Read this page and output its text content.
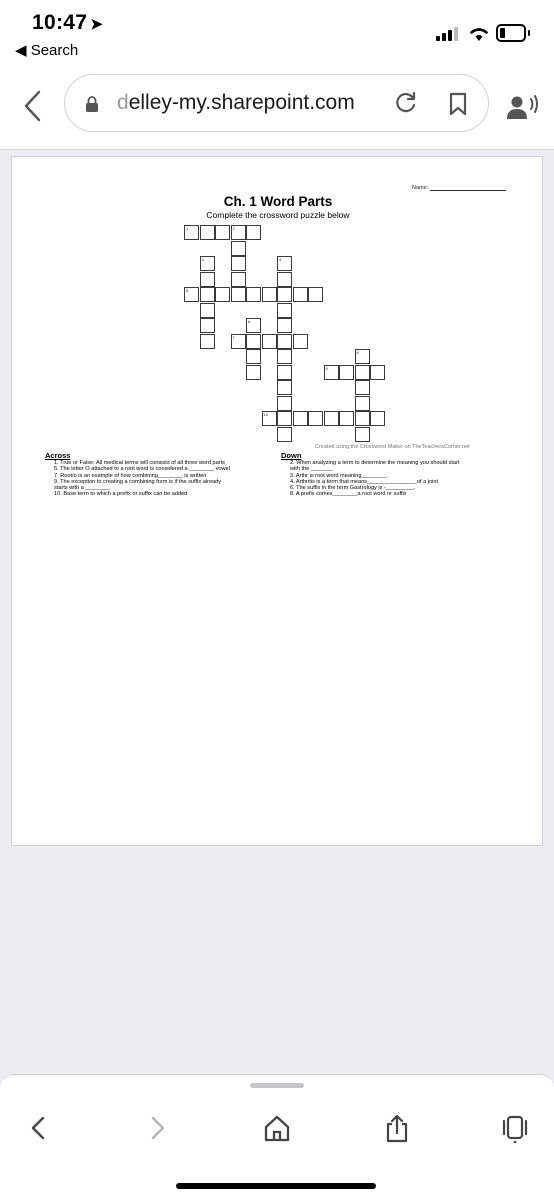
10:47 ➤
◀ Search
delley-my.sharepoint.com
Name:
Ch. 1 Word Parts
Complete the crossword puzzle below
1	2
3	4
5
6
7
8
9
10
Created using the Crossword Maker on TheTeachersCorner.net
Across
1. True or False: All medical terms will consists of all three word parts
5. The letter O attached to a root word is considered a ________ vowel
7. Root/o is an example of how combining________ is written
9. The exception to creating a combining form is if the suffix already
starts with a ________
10. Base term to which a prefix or suffix can be added
Down
2. When analyzing a term to determine the meaning you should start
with the _______
3. Arthr is root word meaning________.
4. Arthritis is a term that means________________of a joint
6. The suffix in the term Gastrology is -_________.
8. A prefix comes________a root word or suffix
